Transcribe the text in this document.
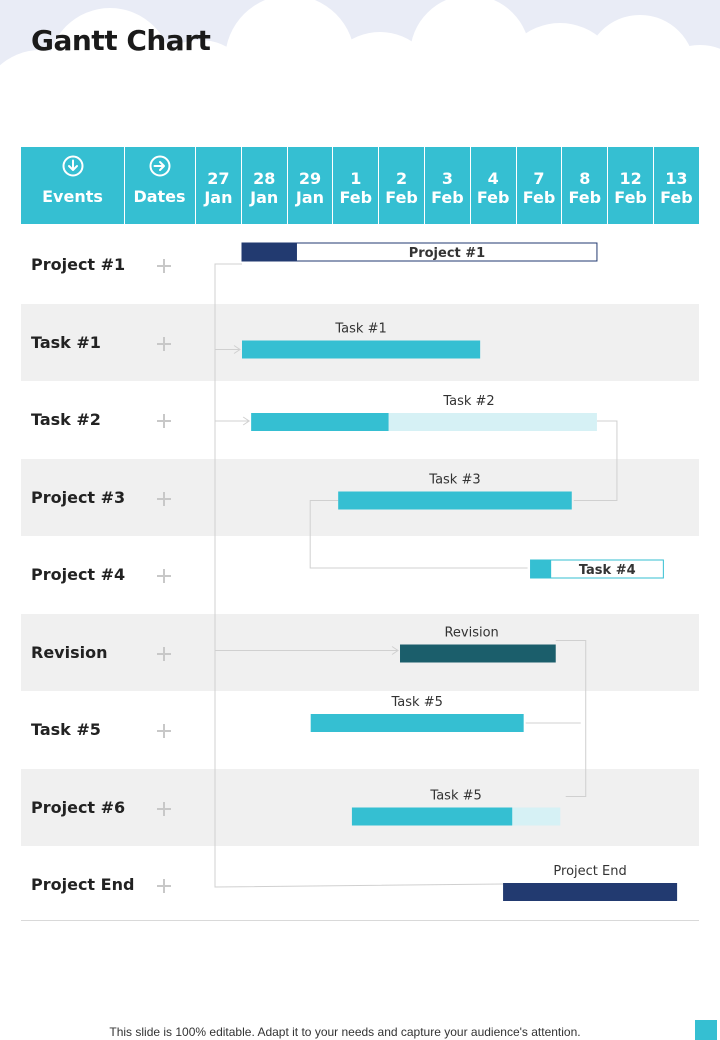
Gantt Chart
Events	Dates
27
Jan
28
Jan
29
Jan
1
Feb
2
Feb
3
Feb
4
Feb
7
Feb
8
Feb
12
Feb
13
Feb
Project #1
Task #1
Task #2
Project #3
Project #4
Revision
Task #5
Project #6
Project End
Project #1
Task #1
Task #2
Task #3
Task #4
Revision
Task #5
Task #5
Project End
This slide is 100% editable. Adapt it to your needs and capture your audience's attention.
